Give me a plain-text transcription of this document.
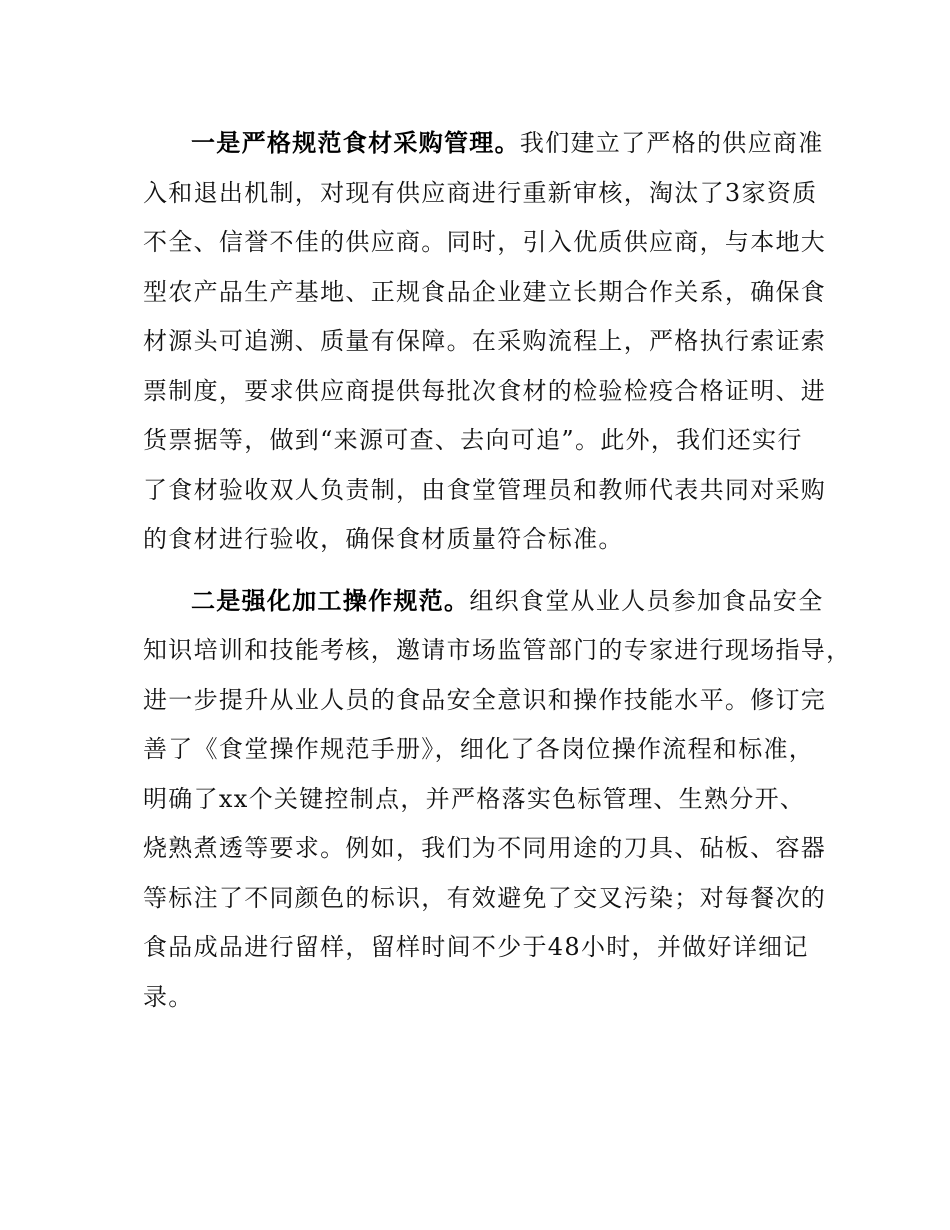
一是严格规范食材采购管理。我们建立了严格的供应商准
入和退出机制，对现有供应商进行重新审核，淘汰了3家资质
不全、信誉不佳的供应商。同时，引入优质供应商，与本地大
型农产品生产基地、正规食品企业建立长期合作关系，确保食
材源头可追溯、质量有保障。在采购流程上，严格执行索证索
票制度，要求供应商提供每批次食材的检验检疫合格证明、进
货票据等，做到“来源可查、去向可追”。此外，我们还实行
了食材验收双人负责制，由食堂管理员和教师代表共同对采购
的食材进行验收，确保食材质量符合标准。
二是强化加工操作规范。组织食堂从业人员参加食品安全
知识培训和技能考核，邀请市场监管部门的专家进行现场指导，
进一步提升从业人员的食品安全意识和操作技能水平。修订完
善了《食堂操作规范手册》，细化了各岗位操作流程和标准，
明确了xx个关键控制点，并严格落实色标管理、生熟分开、
烧熟煮透等要求。例如，我们为不同用途的刀具、砧板、容器
等标注了不同颜色的标识，有效避免了交叉污染；对每餐次的
食品成品进行留样，留样时间不少于48小时，并做好详细记
录。
